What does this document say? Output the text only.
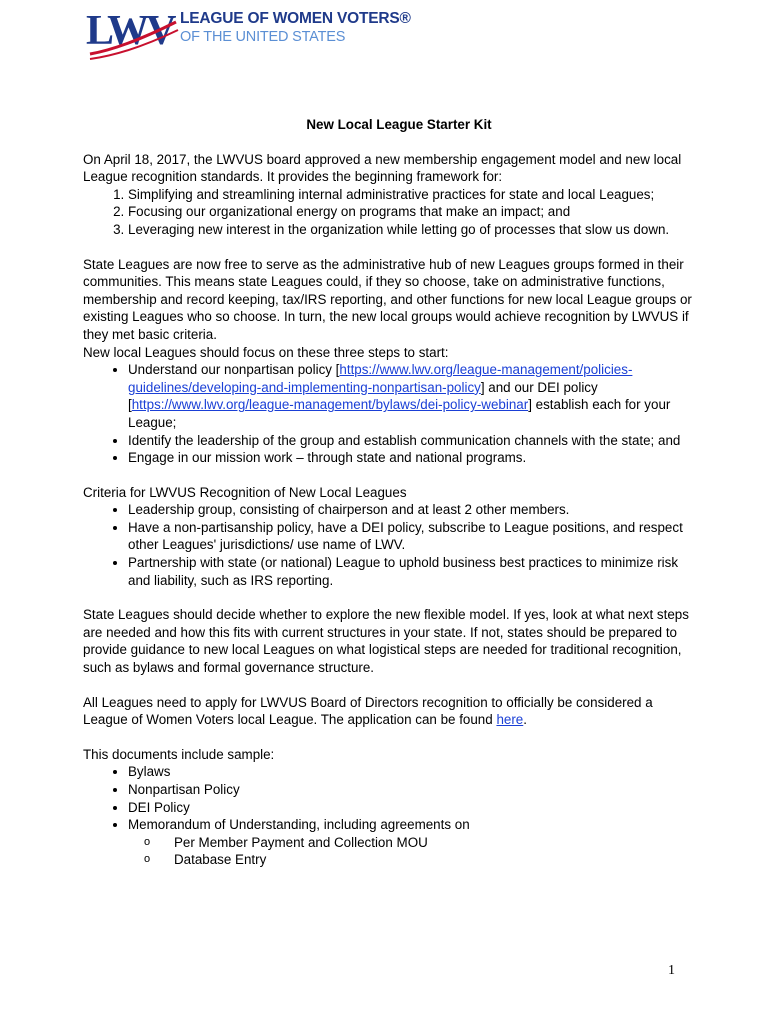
LWV LEAGUE OF WOMEN VOTERS®
OF THE UNITED STATES
New Local League Starter Kit

On April 18, 2017, the LWVUS board approved a new membership engagement model and new local League recognition standards. It provides the beginning framework for:

1. Simplifying and streamlining internal administrative practices for state and local Leagues;
2. Focusing our organizational energy on programs that make an impact; and
3. Leveraging new interest in the organization while letting go of processes that slow us down.

State Leagues are now free to serve as the administrative hub of new Leagues groups formed in their communities. This means state Leagues could, if they so choose, take on administrative functions, membership and record keeping, tax/IRS reporting, and other functions for new local League groups or existing Leagues who so choose. In turn, the new local groups would achieve recognition by LWVUS if they met basic criteria.

New local Leagues should focus on these three steps to start:

• Understand our nonpartisan policy [https://www.lwv.org/league-management/policies-guidelines/developing-and-implementing-nonpartisan-policy] and our DEI policy [https://www.lwv.org/league-management/bylaws/dei-policy-webinar] establish each for your League;
• Identify the leadership of the group and establish communication channels with the state; and
• Engage in our mission work – through state and national programs.

Criteria for LWVUS Recognition of New Local Leagues

• Leadership group, consisting of chairperson and at least 2 other members.
• Have a non-partisanship policy, have a DEI policy, subscribe to League positions, and respect other Leagues' jurisdictions/ use name of LWV.
• Partnership with state (or national) League to uphold business best practices to minimize risk and liability, such as IRS reporting.

State Leagues should decide whether to explore the new flexible model. If yes, look at what next steps are needed and how this fits with current structures in your state. If not, states should be prepared to provide guidance to new local Leagues on what logistical steps are needed for traditional recognition, such as bylaws and formal governance structure.

All Leagues need to apply for LWVUS Board of Directors recognition to officially be considered a League of Women Voters local League. The application can be found here.

This documents include sample:

• Bylaws
• Nonpartisan Policy
• DEI Policy
• Memorandum of Understanding, including agreements on
o Per Member Payment and Collection MOU
o Database Entry
1
